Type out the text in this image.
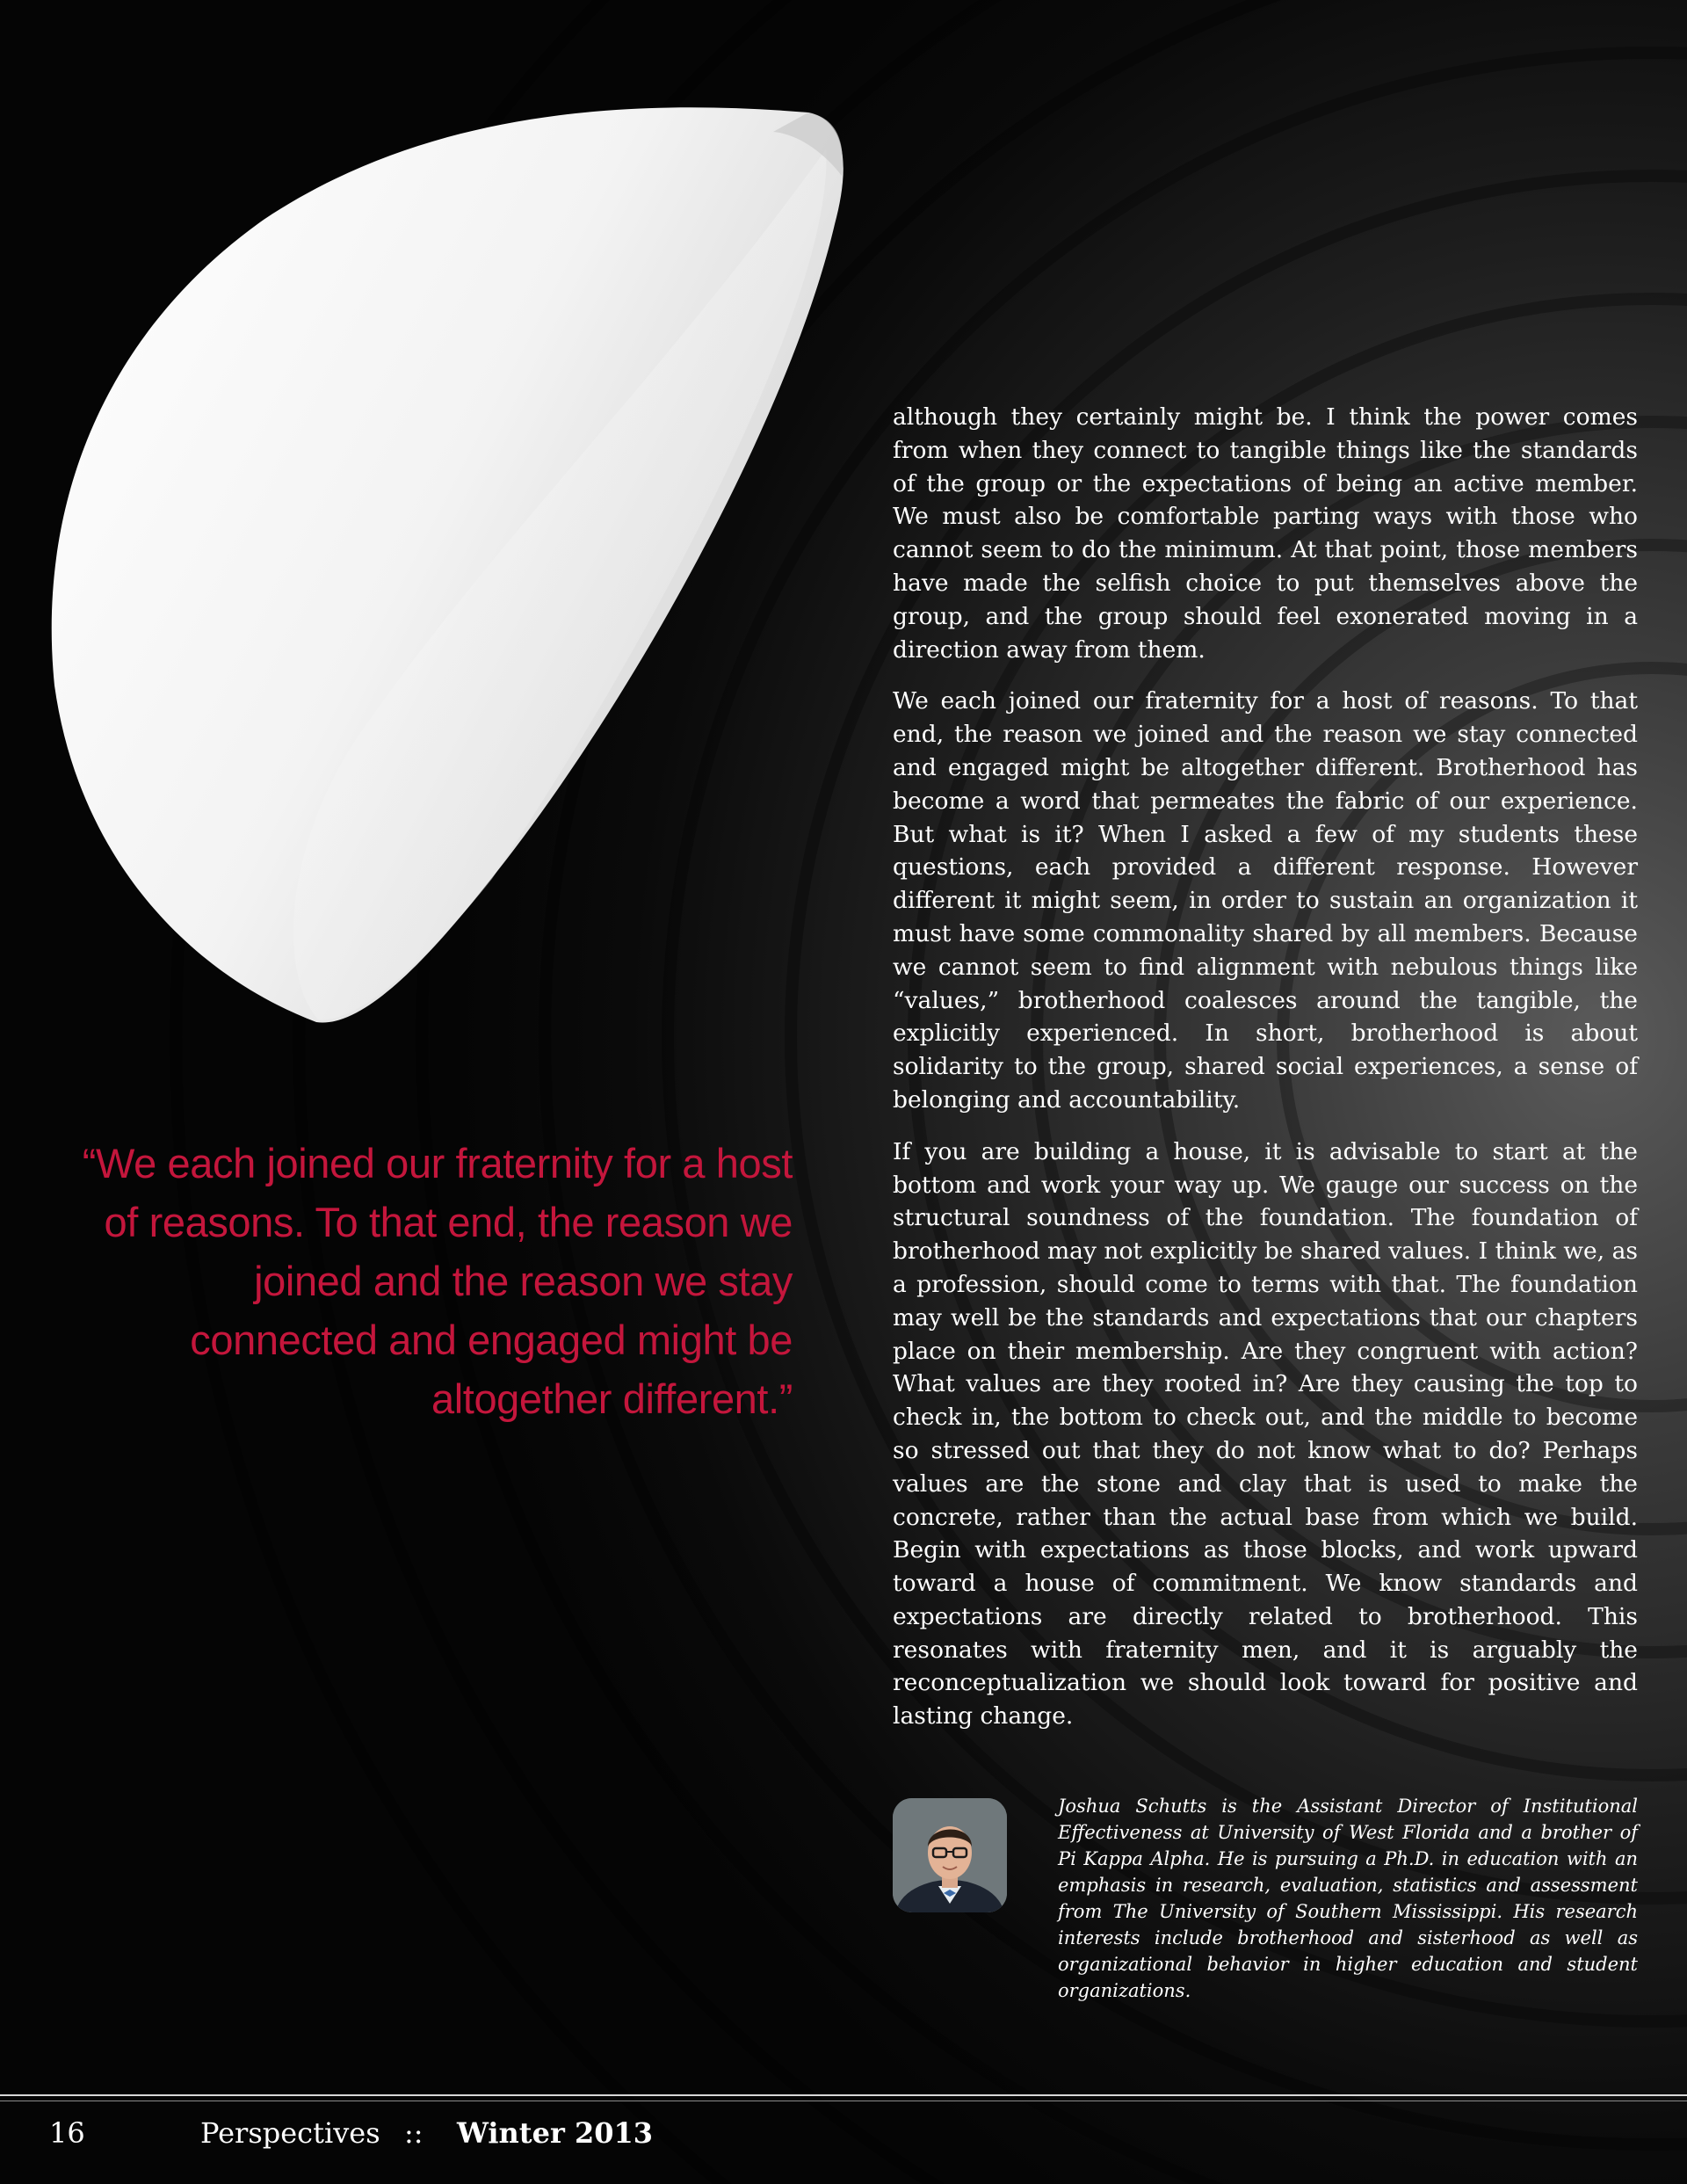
although they certainly might be. I think the power comes from when they connect to tangible things like the standards of the group or the expectations of being an active member. We must also be comfortable parting ways with those who cannot seem to do the minimum. At that point, those members have made the selfish choice to put themselves above the group, and the group should feel exonerated moving in a direction away from them.

We each joined our fraternity for a host of reasons. To that end, the reason we joined and the reason we stay connected and engaged might be altogether different. Brotherhood has become a word that permeates the fabric of our experience. But what is it? When I asked a few of my students these questions, each provided a different response. However different it might seem, in order to sustain an organization it must have some commonality shared by all members. Because we cannot seem to find alignment with nebulous things like “values,” brotherhood coalesces around the tangible, the explicitly experienced. In short, brotherhood is about solidarity to the group, shared social experiences, a sense of belonging and accountability.

If you are building a house, it is advisable to start at the bottom and work your way up. We gauge our success on the structural soundness of the foundation. The foundation of brotherhood may not explicitly be shared values. I think we, as a profession, should come to terms with that. The foundation may well be the standards and expectations that our chapters place on their membership. Are they congruent with action? What values are they rooted in? Are they causing the top to check in, the bottom to check out, and the middle to become so stressed out that they do not know what to do? Perhaps values are the stone and clay that is used to make the concrete, rather than the actual base from which we build. Begin with expectations as those blocks, and work upward toward a house of commitment. We know standards and expectations are directly related to brotherhood. This resonates with fraternity men, and it is arguably the reconceptualization we should look toward for positive and lasting change.

“We each joined our fraternity for a host of reasons. To that end, the reason we joined and the reason we stay connected and engaged might be altogether different.”
Joshua Schutts is the Assistant Director of Institutional Effectiveness at University of West Florida and a brother of Pi Kappa Alpha. He is pursuing a Ph.D. in education with an emphasis in research, evaluation, statistics and assessment from The University of Southern Mississippi. His research interests include brotherhood and sisterhood as well as organizational behavior in higher education and student organizations.
16	Perspectives :: Winter 2013
